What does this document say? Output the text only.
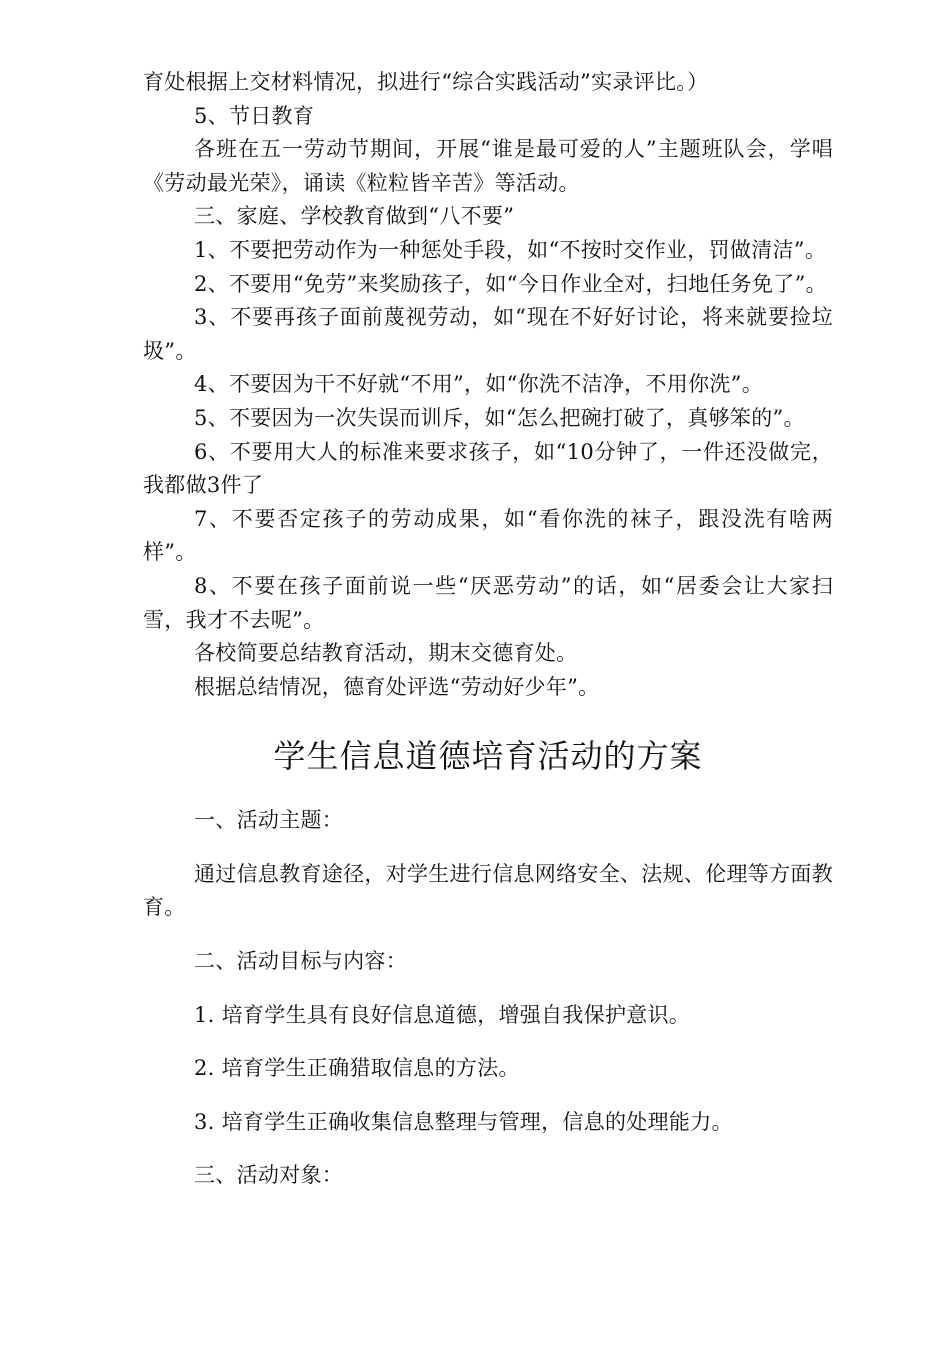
育处根据上交材料情况，拟进行“综合实践活动”实录评比。）

5、节日教育

各班在五一劳动节期间，开展“谁是最可爱的人”主题班队会，学唱《劳动最光荣》，诵读《粒粒皆辛苦》等活动。

三、家庭、学校教育做到“八不要”

1、不要把劳动作为一种惩处手段，如“不按时交作业，罚做清洁”。

2、不要用“免劳”来奖励孩子，如“今日作业全对，扫地任务免了”。

3、不要再孩子面前蔑视劳动，如“现在不好好讨论，将来就要捡垃圾”。

4、不要因为干不好就“不用”，如“你洗不洁净，不用你洗”。

5、不要因为一次失误而训斥，如“怎么把碗打破了，真够笨的”。

6、不要用大人的标准来要求孩子，如“10分钟了，一件还没做完，我都做3件了

7、不要否定孩子的劳动成果，如“看你洗的袜子，跟没洗有啥两样”。

8、不要在孩子面前说一些“厌恶劳动”的话，如“居委会让大家扫雪，我才不去呢”。

各校简要总结教育活动，期末交德育处。

根据总结情况，德育处评选“劳动好少年”。

学生信息道德培育活动的方案

一、活动主题：

通过信息教育途径，对学生进行信息网络安全、法规、伦理等方面教育。

二、活动目标与内容：

1. 培育学生具有良好信息道德，增强自我保护意识。

2. 培育学生正确猎取信息的方法。

3. 培育学生正确收集信息整理与管理，信息的处理能力。

三、活动对象：
